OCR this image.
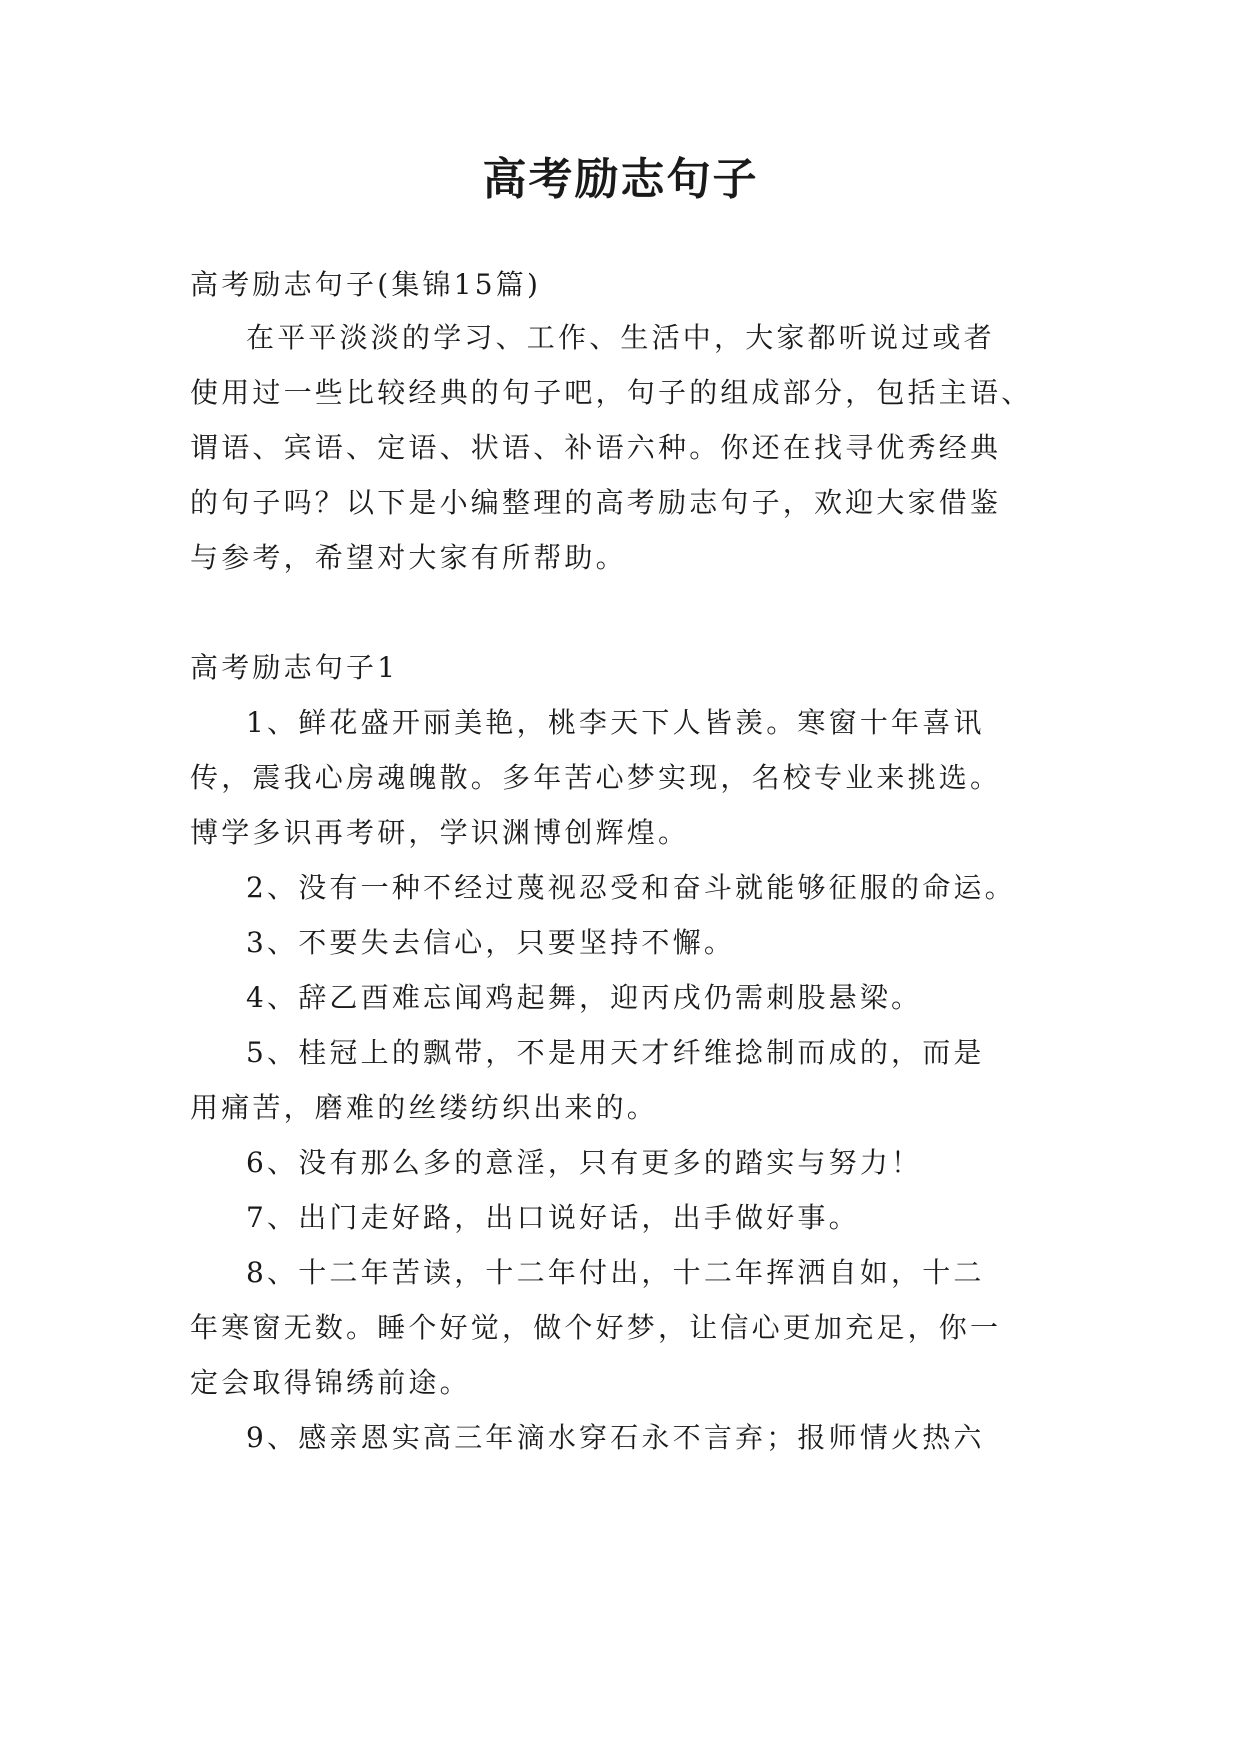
高考励志句子
高考励志句子(集锦15篇)
在平平淡淡的学习、工作、生活中，大家都听说过或者
使用过一些比较经典的句子吧，句子的组成部分，包括主语、
谓语、宾语、定语、状语、补语六种。你还在找寻优秀经典
的句子吗？以下是小编整理的高考励志句子，欢迎大家借鉴
与参考，希望对大家有所帮助。
高考励志句子1
1、鲜花盛开丽美艳，桃李天下人皆羡。寒窗十年喜讯
传，震我心房魂魄散。多年苦心梦实现，名校专业来挑选。
博学多识再考研，学识渊博创辉煌。
2、没有一种不经过蔑视忍受和奋斗就能够征服的命运。
3、不要失去信心，只要坚持不懈。
4、辞乙酉难忘闻鸡起舞，迎丙戌仍需刺股悬梁。
5、桂冠上的飘带，不是用天才纤维捻制而成的，而是
用痛苦，磨难的丝缕纺织出来的。
6、没有那么多的意淫，只有更多的踏实与努力！
7、出门走好路，出口说好话，出手做好事。
8、十二年苦读，十二年付出，十二年挥洒自如，十二
年寒窗无数。睡个好觉，做个好梦，让信心更加充足，你一
定会取得锦绣前途。
9、感亲恩实高三年滴水穿石永不言弃；报师情火热六
